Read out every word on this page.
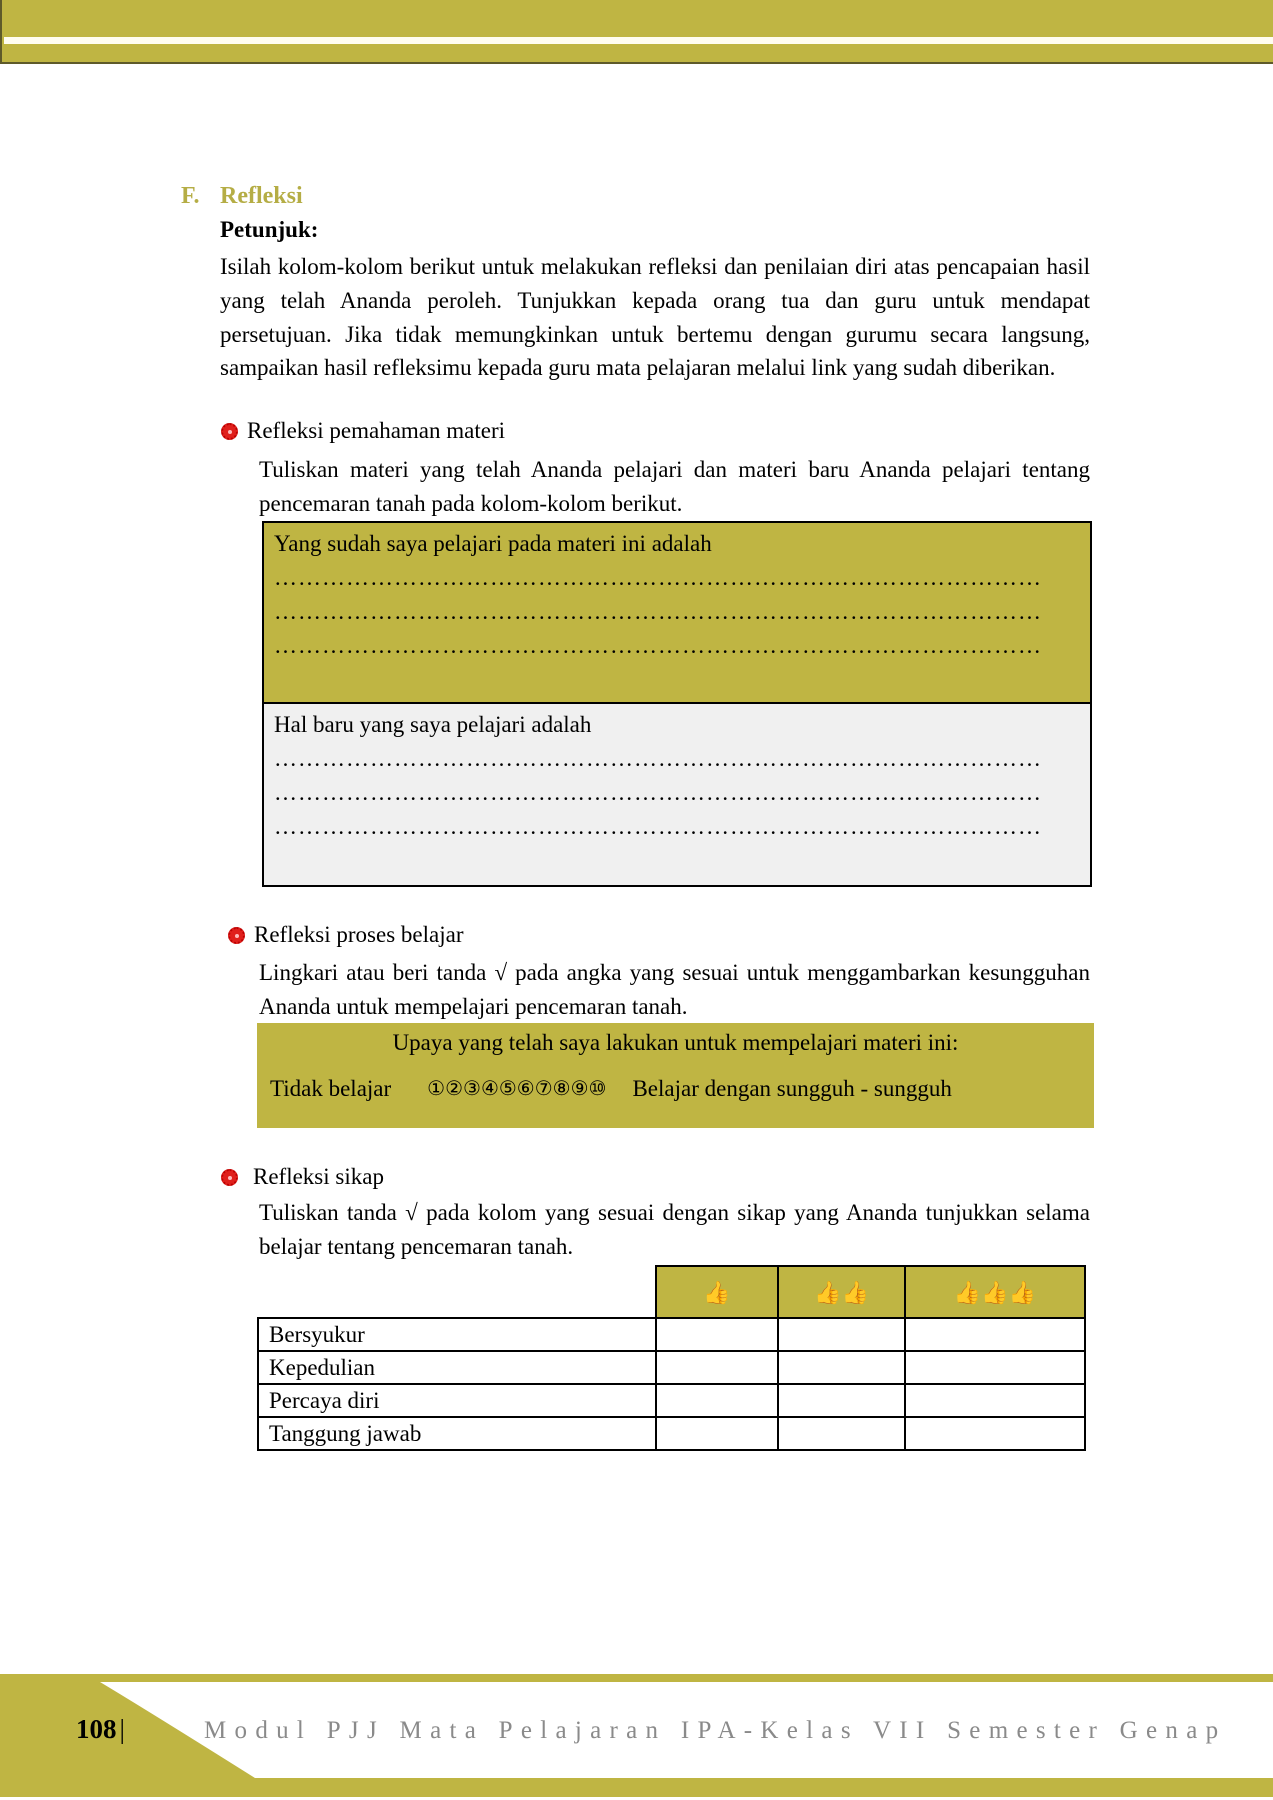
F. Refleksi
Petunjuk:
Isilah kolom-kolom berikut untuk melakukan refleksi dan penilaian diri atas pencapaian hasil yang telah Ananda peroleh. Tunjukkan kepada orang tua dan guru untuk mendapat persetujuan. Jika tidak memungkinkan untuk bertemu dengan gurumu secara langsung, sampaikan hasil refleksimu kepada guru mata pelajaran melalui link yang sudah diberikan.
Refleksi pemahaman materi
Tuliskan materi yang telah Ananda pelajari dan materi baru Ananda pelajari tentang pencemaran tanah pada kolom-kolom berikut.
Yang sudah saya pelajari pada materi ini adalah
……………………………………………………………………………………
……………………………………………………………………………………
……………………………………………………………………………………
Hal baru yang saya pelajari adalah
……………………………………………………………………………………
……………………………………………………………………………………
……………………………………………………………………………………
Refleksi proses belajar
Lingkari atau beri tanda √ pada angka yang sesuai untuk menggambarkan kesungguhan Ananda untuk mempelajari pencemaran tanah.
Upaya yang telah saya lakukan untuk mempelajari materi ini:
Tidak belajar ①②③④⑤⑥⑦⑧⑨⑩ Belajar dengan sungguh - sungguh
Refleksi sikap
Tuliskan tanda √ pada kolom yang sesuai dengan sikap yang Ananda tunjukkan selama belajar tentang pencemaran tanah.
	👍	👍👍	👍👍👍
Bersyukur			
Kepedulian			
Percaya diri			
Tanggung jawab			
108 |	Modul PJJ Mata Pelajaran IPA-Kelas VII Semester Genap
